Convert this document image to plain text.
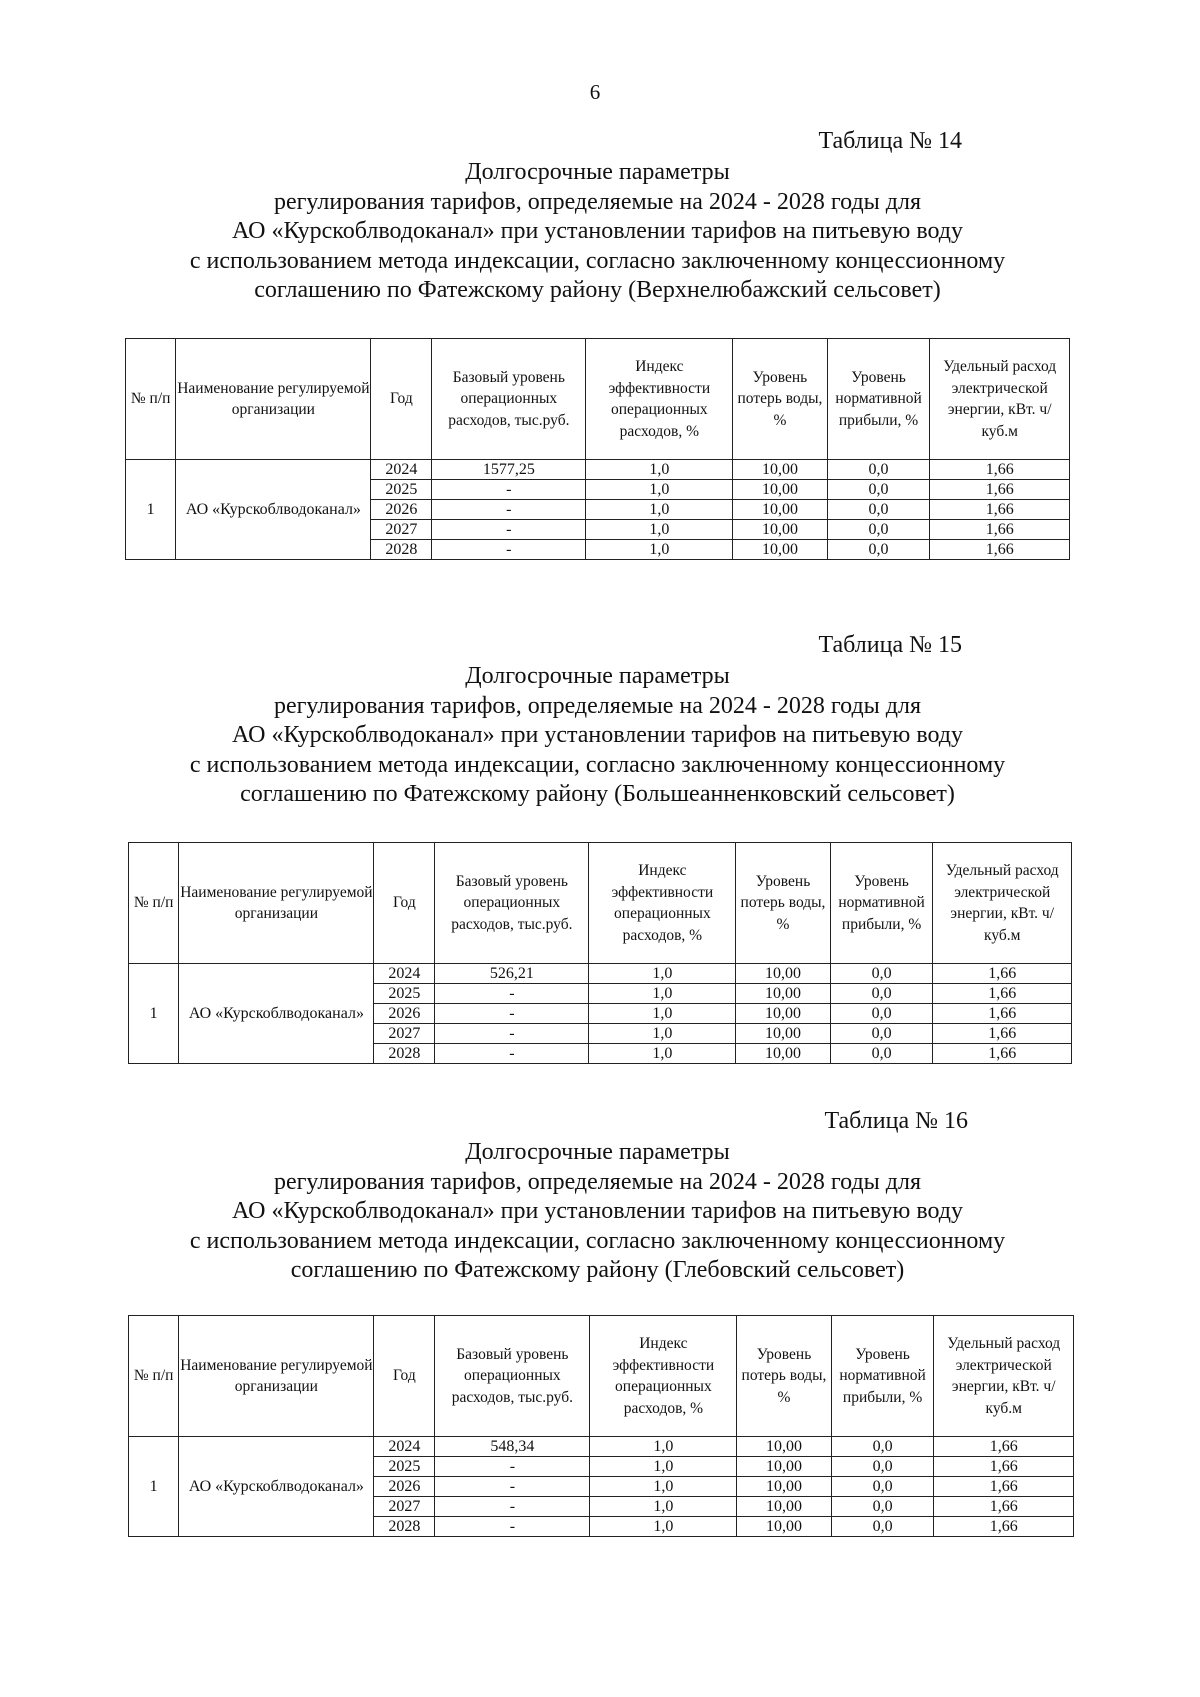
6
Таблица № 14
Долгосрочные параметры
регулирования тарифов, определяемые на 2024 - 2028 годы для
АО «Курскоблводоканал» при установлении тарифов на питьевую воду
с использованием метода индексации, согласно заключенному концессионному
соглашению по Фатежскому району (Верхнелюбажский сельсовет)
№ п/п	Наименование регулируемой организации	Год	Базовый уровень операционных расходов, тыс.руб.	Индекс эффективности операционных расходов, %	Уровень потерь воды, %	Уровень нормативной прибыли, %	Удельный расход электрической энергии, кВт. ч/куб.м
1	АО «Курскоблводоканал»	2024	1577,25	1,0	10,00	0,0	1,66
		2025	-	1,0	10,00	0,0	1,66
		2026	-	1,0	10,00	0,0	1,66
		2027	-	1,0	10,00	0,0	1,66
		2028	-	1,0	10,00	0,0	1,66
Таблица № 15
Долгосрочные параметры
регулирования тарифов, определяемые на 2024 - 2028 годы для
АО «Курскоблводоканал» при установлении тарифов на питьевую воду
с использованием метода индексации, согласно заключенному концессионному
соглашению по Фатежскому району (Большеанненковский сельсовет)
№ п/п	Наименование регулируемой организации	Год	Базовый уровень операционных расходов, тыс.руб.	Индекс эффективности операционных расходов, %	Уровень потерь воды, %	Уровень нормативной прибыли, %	Удельный расход электрической энергии, кВт. ч/куб.м
1	АО «Курскоблводоканал»	2024	526,21	1,0	10,00	0,0	1,66
		2025	-	1,0	10,00	0,0	1,66
		2026	-	1,0	10,00	0,0	1,66
		2027	-	1,0	10,00	0,0	1,66
		2028	-	1,0	10,00	0,0	1,66
Таблица № 16
Долгосрочные параметры
регулирования тарифов, определяемые на 2024 - 2028 годы для
АО «Курскоблводоканал» при установлении тарифов на питьевую воду
с использованием метода индексации, согласно заключенному концессионному
соглашению по Фатежскому району (Глебовский сельсовет)
№ п/п	Наименование регулируемой организации	Год	Базовый уровень операционных расходов, тыс.руб.	Индекс эффективности операционных расходов, %	Уровень потерь воды, %	Уровень нормативной прибыли, %	Удельный расход электрической энергии, кВт. ч/куб.м
1	АО «Курскоблводоканал»	2024	548,34	1,0	10,00	0,0	1,66
		2025	-	1,0	10,00	0,0	1,66
		2026	-	1,0	10,00	0,0	1,66
		2027	-	1,0	10,00	0,0	1,66
		2028	-	1,0	10,00	0,0	1,66
